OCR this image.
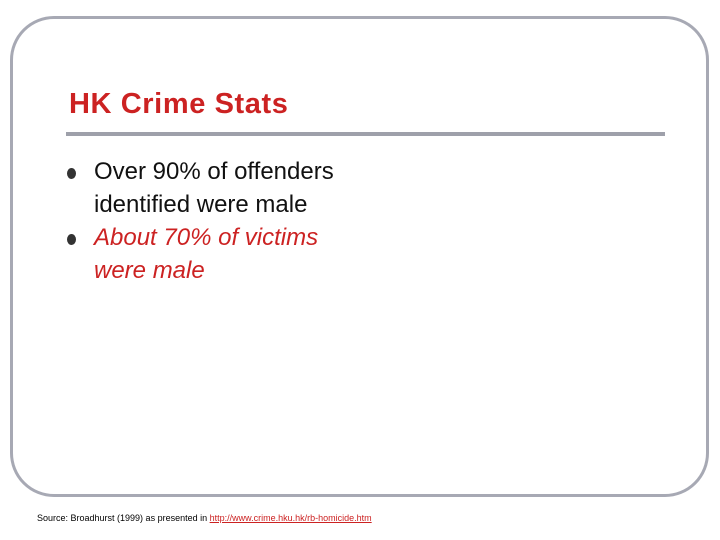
HK Crime Stats
Over 90% of offenders identified were male
About 70% of victims were male
Source: Broadhurst (1999) as presented in http://www.crime.hku.hk/rb-homicide.htm
